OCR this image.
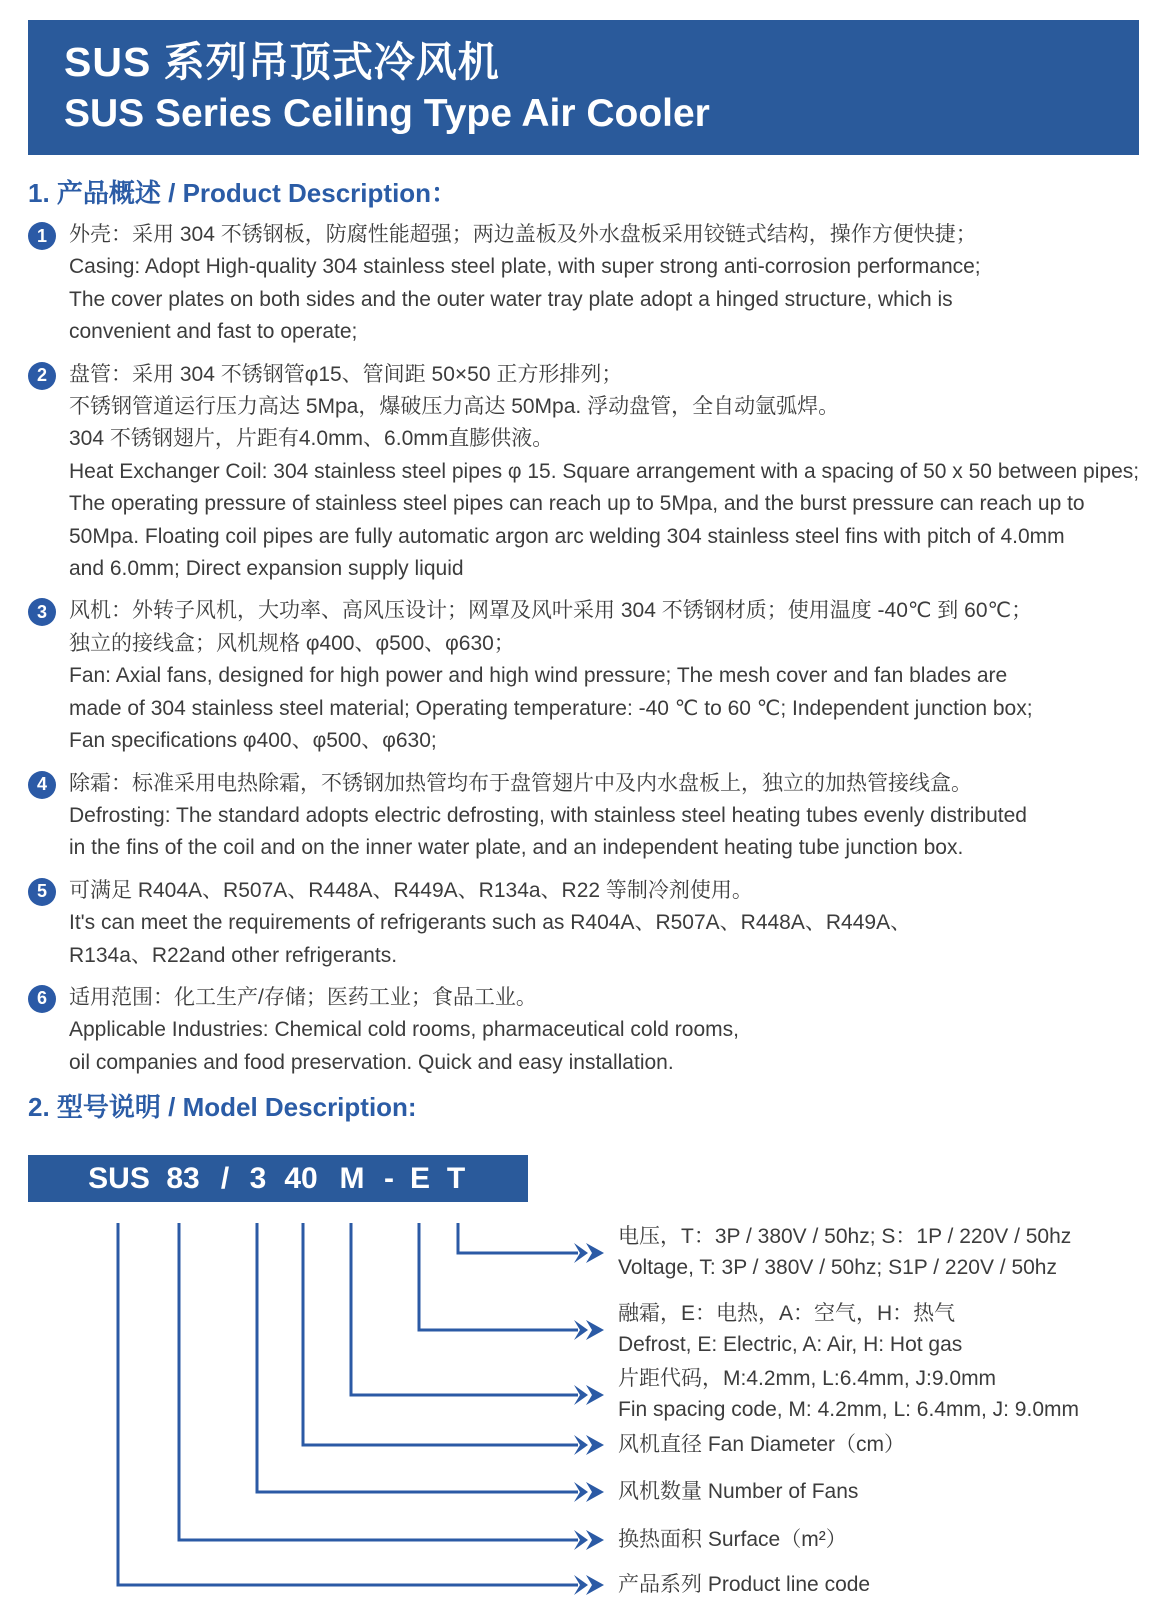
SUS 系列吊顶式冷风机
SUS Series Ceiling Type Air Cooler
1. 产品概述 / Product Description：
1	外壳：采用 304 不锈钢板，防腐性能超强；两边盖板及外水盘板采用铰链式结构，操作方便快捷；
Casing: Adopt High-quality 304 stainless steel plate, with super strong anti-corrosion performance;
The cover plates on both sides and the outer water tray plate adopt a hinged structure, which is
convenient and fast to operate;
2	盘管：采用 304 不锈钢管φ15、管间距 50×50 正方形排列；
不锈钢管道运行压力高达 5Mpa，爆破压力高达 50Mpa. 浮动盘管，全自动氩弧焊。
304 不锈钢翅片，片距有4.0mm、6.0mm直膨供液。
Heat Exchanger Coil: 304 stainless steel pipes φ 15. Square arrangement with a spacing of 50 x 50 between pipes;
The operating pressure of stainless steel pipes can reach up to 5Mpa, and the burst pressure can reach up to
50Mpa. Floating coil pipes are fully automatic argon arc welding 304 stainless steel fins with pitch of 4.0mm
and 6.0mm; Direct expansion supply liquid
3	风机：外转子风机，大功率、高风压设计；网罩及风叶采用 304 不锈钢材质；使用温度 -40℃ 到 60℃；
独立的接线盒；风机规格 φ400、φ500、φ630；
Fan: Axial fans, designed for high power and high wind pressure; The mesh cover and fan blades are
made of 304 stainless steel material; Operating temperature: -40 ℃ to 60 ℃; Independent junction box;
Fan specifications φ400、φ500、φ630;
4	除霜：标准采用电热除霜，不锈钢加热管均布于盘管翅片中及内水盘板上，独立的加热管接线盒。
Defrosting: The standard adopts electric defrosting, with stainless steel heating tubes evenly distributed
in the fins of the coil and on the inner water plate, and an independent heating tube junction box.
5	可满足 R404A、R507A、R448A、R449A、R134a、R22 等制冷剂使用。
It's can meet the requirements of refrigerants such as R404A、R507A、R448A、R449A、
R134a、R22and other refrigerants.
6	适用范围：化工生产/存储；医药工业；食品工业。
Applicable Industries: Chemical cold rooms, pharmaceutical cold rooms,
oil companies and food preservation. Quick and easy installation.
2. 型号说明 / Model Description:
SUS 83 / 3 40 M - E T
电压，T：3P / 380V / 50hz; S：1P / 220V / 50hz
Voltage, T: 3P / 380V / 50hz; S1P / 220V / 50hz
融霜，E：电热，A：空气，H：热气
Defrost, E: Electric, A: Air, H: Hot gas
片距代码，M:4.2mm, L:6.4mm, J:9.0mm
Fin spacing code, M: 4.2mm, L: 6.4mm, J: 9.0mm
风机直径 Fan Diameter（cm）
风机数量 Number of Fans
换热面积 Surface（m²）
产品系列 Product line code
